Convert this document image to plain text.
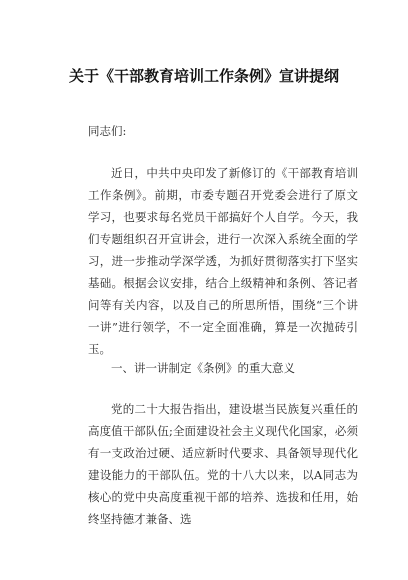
关于《干部教育培训工作条例》宣讲提纲
同志们:
近日，中共中央印发了新修订的《干部教育培训工作条例》。前期，市委专题召开党委会进行了原文学习，也要求每名党员干部搞好个人自学。今天，我们专题组织召开宣讲会，进行一次深入系统全面的学习，进一步推动学深学透，为抓好贯彻落实打下坚实基础。根据会议安排，结合上级精神和条例、答记者问等有关内容，以及自己的所思所悟，围绕“三个讲一讲”进行领学，不一定全面准确，算是一次抛砖引玉。
一、讲一讲制定《条例》的重大意义
党的二十大报告指出，建设堪当民族复兴重任的高度值干部队伍;全面建设社会主义现代化国家，必须有一支政治过硬、适应新时代要求、具备领导现代化建设能力的干部队伍。党的十八大以来，以A同志为核心的党中央高度重视干部的培养、选拔和任用，始终坚持德才兼备、选
